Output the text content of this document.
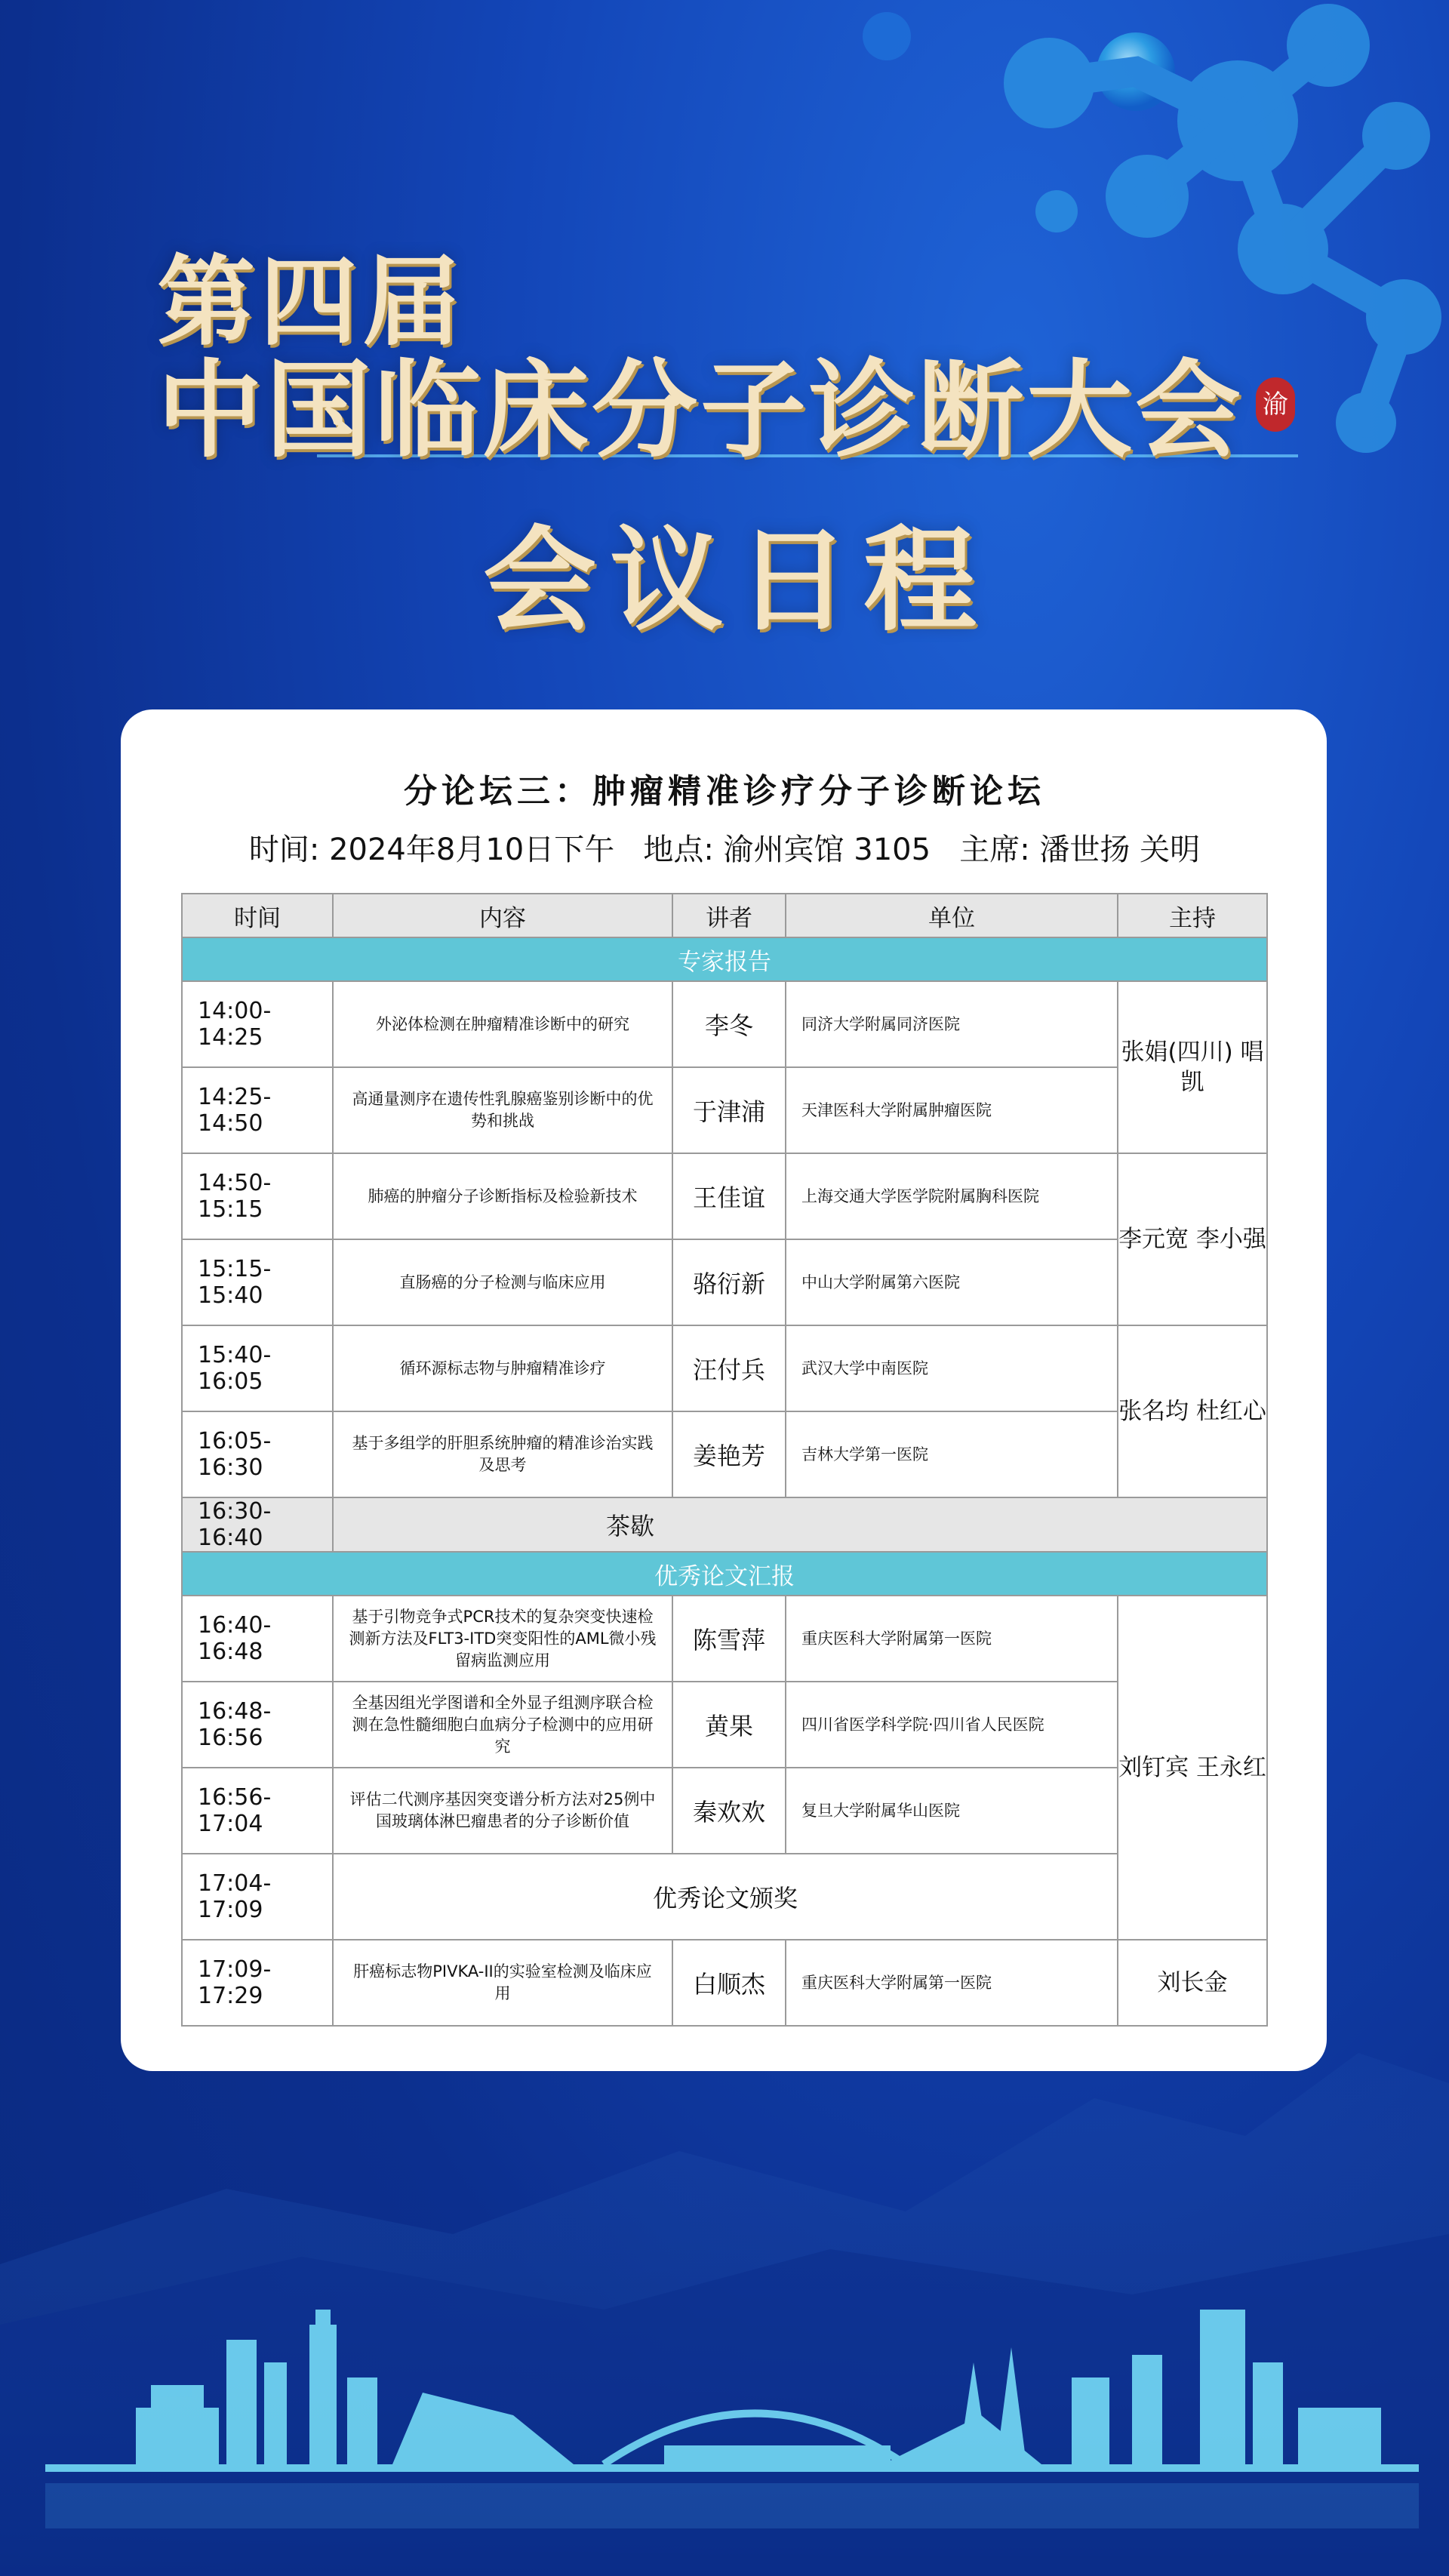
第四届
中国临床分子诊断大会
会议日程
渝
分论坛三：肿瘤精准诊疗分子诊断论坛
时间: 2024年8月10日下午   地点: 渝州宾馆 3105   主席: 潘世扬 关明
时间	内容	讲者	单位	主持
专家报告				
14:00-14:25	外泌体检测在肿瘤精准诊断中的研究	李冬	同济大学附属同济医院	张娟(四川) 唱凯
14:25-14:50	高通量测序在遗传性乳腺癌鉴别诊断中的优势和挑战	于津浦	天津医科大学附属肿瘤医院	
14:50-15:15	肺癌的肿瘤分子诊断指标及检验新技术	王佳谊	上海交通大学医学院附属胸科医院	李元宽 李小强
15:15-15:40	直肠癌的分子检测与临床应用	骆衍新	中山大学附属第六医院	
15:40-16:05	循环源标志物与肿瘤精准诊疗	汪付兵	武汉大学中南医院	张名均 杜红心
16:05-16:30	基于多组学的肝胆系统肿瘤的精准诊治实践及思考	姜艳芳	吉林大学第一医院	
16:30-16:40	茶歇			
优秀论文汇报				
16:40-16:48	基于引物竞争式PCR技术的复杂突变快速检测新方法及FLT3-ITD突变阳性的AML微小残留病监测应用	陈雪萍	重庆医科大学附属第一医院	刘钉宾 王永红
16:48-16:56	全基因组光学图谱和全外显子组测序联合检测在急性髓细胞白血病分子检测中的应用研究	黄果	四川省医学科学院·四川省人民医院	
16:56-17:04	评估二代测序基因突变谱分析方法对25例中国玻璃体淋巴瘤患者的分子诊断价值	秦欢欢	复旦大学附属华山医院	
17:04-17:09	优秀论文颁奖			
17:09-17:29	肝癌标志物PIVKA-II的实验室检测及临床应用	白顺杰	重庆医科大学附属第一医院	刘长金
